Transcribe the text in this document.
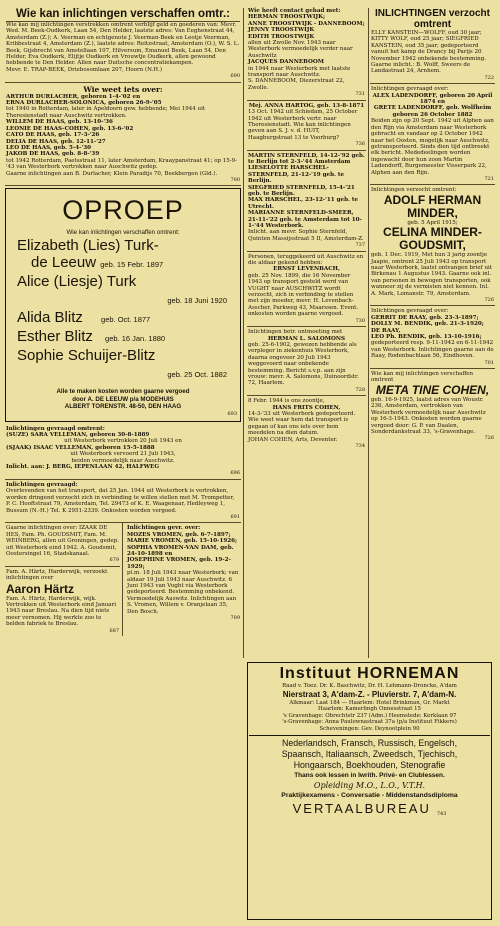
Wie kan inlichtingen verschaffen omtr.:

Wie kan mij inlichtingen verstrekken omtrent verblijf geld en goederen van: Mevr. Wed. M. Beek-Oudkerk, Laan 54, Den Helder, laatste adres: Van Eeghenstraat 44, Amsterdam (Z.); A. Veerman en echtgenote J. Veerman-Beek en Leotje Veerman, Kribbestraat 4, Amsterdam (Z.), laatste adres: Reitzstraat, Amsterdam (O.), W. S. L. Beek, Gijsbrecht van Amstellaan 107, Hilversum, Emanuel Beek, Laan 54, Den Helder, Eva Oudkerk, Elijtje Oudkerk en Vrouwtje Oudkerk, allen gewoond hebbende te Den Helder. Allen naar Duitsche concentratiekampen.

Mevr. E. TRAP-BEEK, Driebosomlaan 207, Hoorn (N.H.)

690
Wie weet iets over:

ARTHUR DURLACHER, geboren 1-4-'02 en

ERNA DURLACHER-SOLONICA, geboren 26-9-'05

tot 1940 in Rotterdam, later in Apeldoorn gew. hebbende; Mei 1944 uit Theresienstadt naar Auschwitz vertrokken.

WILLEM DE HAAS, geb. 13-10-'36

LEONIE DE HAAS-COHEN, geb. 13-6-'02

CATO DE HAAS, geb. 17-3-'26

DELIA DE HAAS, geb. 12-11-'27

LEO DE HAAS, geb. 5-4-'30

JAKOB DE HAAS, geb. 8-8-'39

tot 1942 Rotterdam, Paetsstraat 11, later Amsterdam, Kraaypanstraat 41; op 15-9-'43 van Westerbork vertrokken naar Auschwitz gedep.

Gaarne inlichtingen aan B. Durlacher, Klein Paradijs 70, Beekbergen (Gld.).

700
OPROEP
Wie kan inlichtingen verschaffen omtrent:
Elizabeth (Lies) Turk-
de Leeuw geb. 15 Febr. 1897
Alice (Liesje) Turk
geb. 18 Juni 1920
Alida Blitz geb. Oct. 1877
Esther Blitz geb. 16 Jan. 1880
Sophie Schuijer-Blitz
geb. 25 Oct. 1882
Alle te maken kosten worden gaarne vergoed
door A. DE LEEUW p/a MODEHUIS
ALBERT TORENSTR. 48-50, DEN HAAG
693

Inlichtingen gevraagd omtrent:

(SUZE) SARA VELLEMAN, geboren 30-8-1889

uit Westerbork vertrokken 20 Juli 1943 en

(SJAAK) ISAAC VELLEMAN, geboren 15-5-1888

uit Westerbork vervoerd 21 Juli 1943,

beiden vermoedelijk naar Auschwitz.

Inlicht. aan: J. BERG, IEPENLAAN 42, HALFWEG

696

Inlichtingen gevraagd:

Overlevenden van het transport, dat 25 Jan. 1944 uit Westerbork is vertrokken, worden dringend verzocht zich in verbinding te willen stellen met M. Trompetter, P. C. Hooftstraat 79, Amsterdam, Tel. 29473 of K. E. Waagenaar, Hedleyweg 1, Bussum (N.-H.) Tel. K 2951-2339. Onkosten worden vergoed.

691

Gaarne inlichtingen over: IZAAK DE HES, Fam. Ph. GOUDSMIT, Fam. M. WEINBERG, allen uit Groningen, gedep. uit Westerbork eind 1942. A. Goudsmit, Oostersingel 16, Stadskanaal.

679

Fam. A. Härtz, Harderwijk, verzoekt inlichtingen over

Aaron Härtz

Fam. A. Härtz, Harderwijk, wijk. Vertrokken uit Westerbork eind Januari 1943 naar Breslau. Na dien tijd niets meer vernomen. Hij werkte zoo te belden fabriek te Breslau.

687

Inlichtingen gevr. over:

MOZES VROMEN, geb. 6-7-1897;

MARIE VROMEN, geb. 15-10-1926;

SOPHIA VROMEN-VAN DAM, geb. 24-10-1898 en

JOSEPHINE VROMEN, geb. 19-2-1929;

pl.m. 18 Juli 1943 naar Westerbork; van aldaar 19 Juli 1943 naar Auschwitz. 6 Juni 1943 van Vught via Westerbork gedeporteerd. Bestemming onbekend. Vermoedelijk Auswitz. Inlichtingen aan S. Vromen, Willem v. Oranjelaan 35, Den Bosch.

709

Wie heeft contact gehad met:

HERMAN TROOSTWIJK;

ANNE TROOSTWIJK - DANNEBOOM;

JENNY TROOSTWIJK

EDITH TROOSTWIJK

allen uit Zwolle Nov. 1943 naar Westerbork vermoedelijk verder naar Auschwitz

JACQUES DANNEBOOM

in 1944 naar Westerbork met laatste transport naar Auschwitz.

S. DANNEBOOM, Diezerstraat 22, Zwolle.

731

Mej. ANNA HARTOG, geb. 13-8-1871

13 Oct. 1942 uit Schiedam, 25 October 1942 uit Westerbork vertr. naar Theresienstadt. Wie kan inlichtingen geven aan S. J. v. d. HUIT, Haagburgstraat 13 te Voorburg?

736

MARTIN STERNFELD, 14-12-'92 geb. te Berlijn tot 2-3-'44 Amsterdam

LIESELOTTE HARSCHEL-STERNFELD, 21-12-'19 geb. te Berlijn.

SIEGFRIED STERNFELD, 15-4-'21 geb. te Berlijn.

MAX HARSCHEL, 23-12-'11 geb. te Utrecht.

MARIANNE STERNFELD-SMEER, 21-11-'22 geb. te Amsterdam tot 10-1-'44 Westerbork.

Inlicht. aan mevr. Sophie Sternfeld, Quinten Massijsstraat 5 II, Amsterdam-Z.

737

Personen, teruggekeerd uit Auschwitz en die aldaar gekend hebben:

ERNST LEVENBACH,

geb. 25 Nov. 1899, die 16 November 1943 op transport gesteld werd van VUGHT naar AUSCHWITZ wordt verzocht, zich in verbinding te stellen met zijn moeder, mevr. H. Levenbach-Asscher, Parkweg 43, Maarssen. Event. onkosten worden gaarne vergoed.

730

Inlichtingen betr. ontmoeting met

HERMAN L. SALOMONS

geb. 25-6-1902, gewezen hebbende als verpleger in ziekenhuis Westerbork, daarna ongeveer 20 Juli 1943 weggevoerd naar onbekende bestemming. Bericht s.v.p. aan zijn vrouw: mevr. A. Salomons, Duinoordstr. 72, Haarlem.

728

8 Febr. 1944 is ons zoontje,

HANS FRITS COHEN,

14-3-'33 uit Westerbork gedeporteerd. Wie weet waar hem dat transport is gegaan of kan ons iets over hem meedelen na dien datum.

JOHAN COHEN, Arts, Deventer.

734
INLICHTINGEN verzocht omtrent

ELLY KANSTEIN—WOLFF, oud 30 jaar; KITTY WOLF, oud 25 jaar; SIEGFRIED KANSTEIN, oud 35 jaar; gedeporteerd vanuit het kamp de Drancy bij Parijs 20 November 1942 onbekende bestemming. Gaarne inlicht.: B. Wolff, Sweers de Landastraat 24, Arnhem.

722

Inlichtingen gevraagd over:

ALEX LADENDORFF, geboren 20 April 1874 en

GRETE LADENDORFF, geb. Wolfheim geboren 26 October 1882

Beiden zijn op 20 Sept. 1942 uit Alphen aan den Rijn via Amsterdam naar Westerbork gebracht en vandaar op 2 October 1942 naar het Oosten, mogelijk naar Auschwitz, getransporteerd. Sinds dien tijd ontbreekt elk bericht. Mededeelingen worden ingewacht door hun zoon Martin Ladendorff, Burgemeester Visserpark 22, Alphen aan den Rijn.

721

Inlichtingen verzocht omtrent:

ADOLF HERMAN MINDER,

geb. 5 April 1915;

CELINA MINDER-GOUDSMIT,

geb. 1 Dec. 1919, Met hun 3 jarig zoontje Jaapie, omtrent 25 Juli 1943 op transport naar Westerbork, laatst ontvangen brief uit Birkenau 1 Augustus 1943. Gaarne ook inl. van personen in bewogen transporten, ook wanneer zij de vermisten niet kennen. Inl. A. Mark, Lomanstr. 79, Amsterdam.

726

Inlichtingen gevraagd over:

GERRIT DE RAAY, geb. 23-3-1897;

DOLLY M. BENDIK, geb. 21-3-1920; DE RAAY,

LEO Ph. BENDIK, geb. 13-10-1916;

gedeporteerd resp. 9-11-1942 en 6-11-1942 van Westerbork. Inlichtingen gaarne aan de Raay, Rodenbachlaan 56, Eindhoven.

701

Wie kan mij inlichtingen verschaffen omtrent

META TINE COHEN,

geb. 16-9-1925, laatst adres van Woustr. 236, Amsterdam, vertrokken van Westerbork vermoedelijk naar Auschwitz op 16-3-1943. Onkosten worden gaarne vergoed door: G. P. van Daalen, Sonderdankstraat 33, 's-Gravenhage.

726
Instituut HORNEMAN
Raad v. Toez. Dr. K. Baschwitz, Dr. H. Lehmann-Droncke, A'dam
Nierstraat 3, A'dam-Z. - Pluvierstr. 7, A'dam-N.
Alkmaar: Laat 184 — Haarlem: Hotel Brinkman, Gr. Markt
Haarlem: Kamerlingh Onnesstraat 15
's Gravenhage: Obrechtstr 237 (Adm.) Heemstede: Kerklaan 97
's-Gravenhage: Anna Paulownastraat 37a (p/a Instituut Fikkers)
Scheveningen: Gev. Deynootplein 90
Nederlandsch, Fransch, Russisch, Engelsch,
Spaansch, Italiaansch, Zweedsch, Tjechisch,
Hongaarsch, Boekhouden, Stenografie
Thans ook lessen in Iwrith. Privé- en Clublessen.
Opleiding M.O., L.O., V.T.H.
Praktijkexamens - Conversatie - Middenstandsdiploma
VERTAALBUREAU 743
